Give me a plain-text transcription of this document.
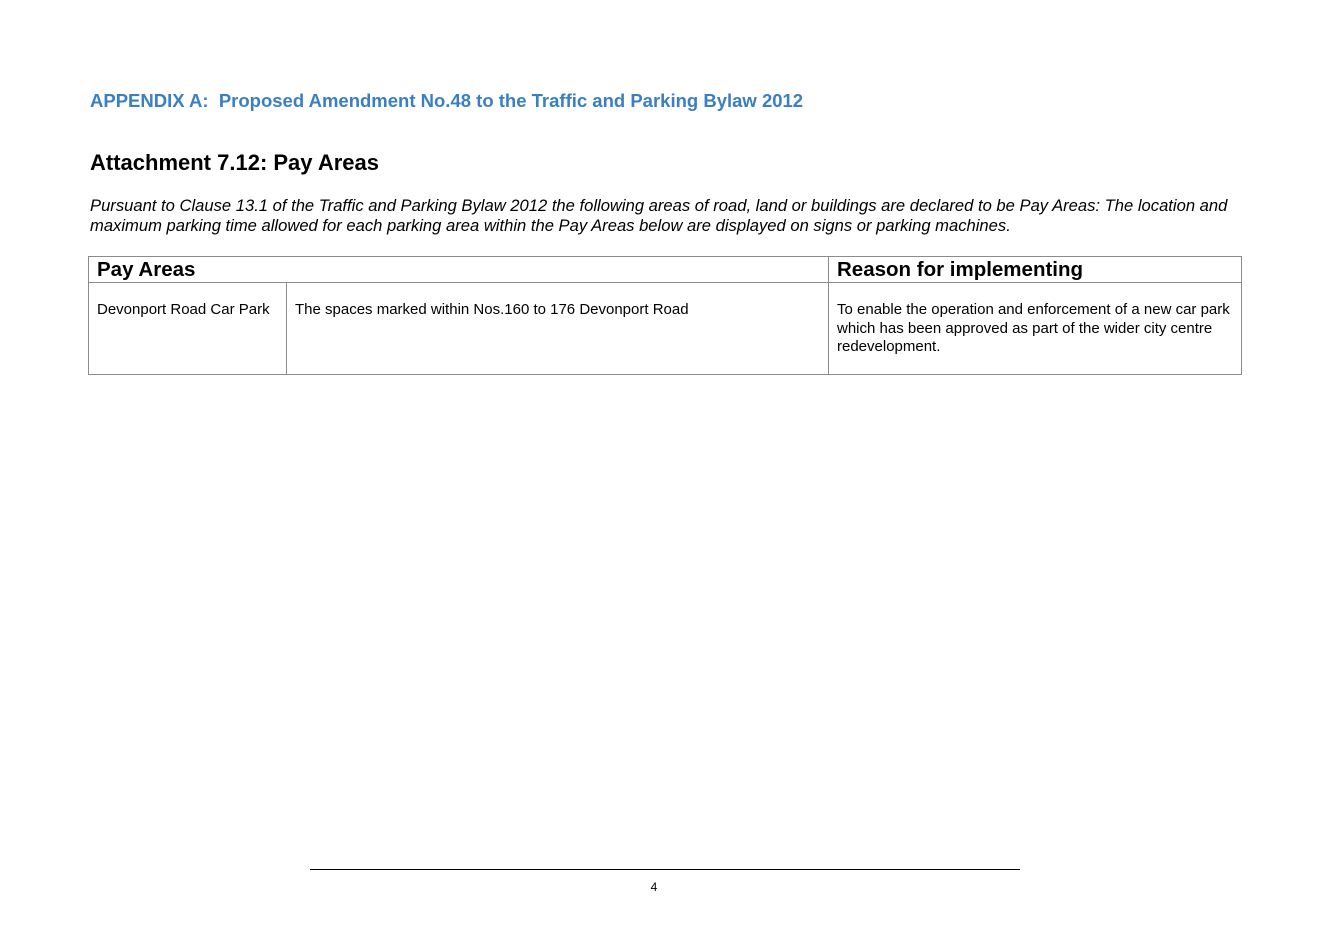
APPENDIX A:  Proposed Amendment No.48 to the Traffic and Parking Bylaw 2012
Attachment 7.12: Pay Areas

Pursuant to Clause 13.1 of the Traffic and Parking Bylaw 2012 the following areas of road, land or buildings are declared to be Pay Areas: The location and maximum parking time allowed for each parking area within the Pay Areas below are displayed on signs or parking machines.

Pay Areas		Reason for implementing
Devonport Road Car Park	The spaces marked within Nos.160 to 176 Devonport Road	To enable the operation and enforcement of a new car park which has been approved as part of the wider city centre redevelopment.
4
